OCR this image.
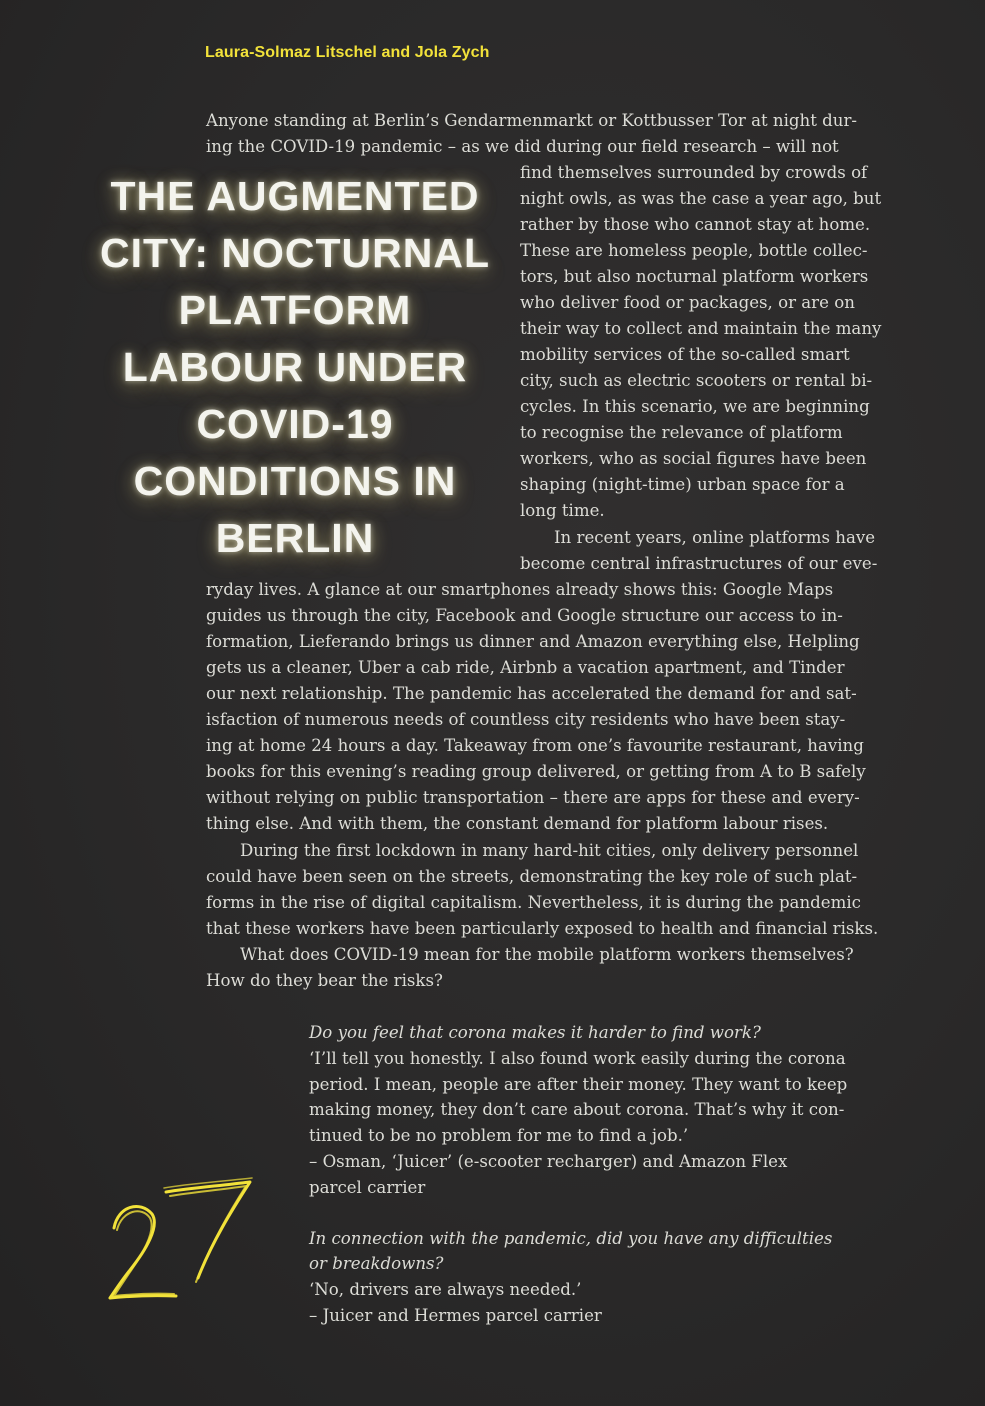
Laura-Solmaz Litschel and Jola Zych
THE AUGMENTED
CITY: NOCTURNAL
PLATFORM
LABOUR UNDER
COVID-19
CONDITIONS IN
BERLIN
Anyone standing at Berlin’s Gendarmenmarkt or Kottbusser Tor at night dur-
ing the COVID-19 pandemic – as we did during our field research – will not
find themselves surrounded by crowds of
night owls, as was the case a year ago, but
rather by those who cannot stay at home.
These are homeless people, bottle collec-
tors, but also nocturnal platform workers
who deliver food or packages, or are on
their way to collect and maintain the many
mobility services of the so-called smart
city, such as electric scooters or rental bi-
cycles. In this scenario, we are beginning
to recognise the relevance of platform
workers, who as social figures have been
shaping (night-time) urban space for a
long time.
In recent years, online platforms have
become central infrastructures of our eve-
ryday lives. A glance at our smartphones already shows this: Google Maps
guides us through the city, Facebook and Google structure our access to in-
formation, Lieferando brings us dinner and Amazon everything else, Helpling
gets us a cleaner, Uber a cab ride, Airbnb a vacation apartment, and Tinder
our next relationship. The pandemic has accelerated the demand for and sat-
isfaction of numerous needs of countless city residents who have been stay-
ing at home 24 hours a day. Takeaway from one’s favourite restaurant, having
books for this evening’s reading group delivered, or getting from A to B safely
without relying on public transportation – there are apps for these and every-
thing else. And with them, the constant demand for platform labour rises.
During the first lockdown in many hard-hit cities, only delivery personnel
could have been seen on the streets, demonstrating the key role of such plat-
forms in the rise of digital capitalism. Nevertheless, it is during the pandemic
that these workers have been particularly exposed to health and financial risks.
What does COVID-19 mean for the mobile platform workers themselves?
How do they bear the risks?
Do you feel that corona makes it harder to find work?
‘I’ll tell you honestly. I also found work easily during the corona
period. I mean, people are after their money. They want to keep
making money, they don’t care about corona. That’s why it con-
tinued to be no problem for me to find a job.’
– Osman, ‘Juicer’ (e-scooter recharger) and Amazon Flex
parcel carrier
In connection with the pandemic, did you have any difficulties
or breakdowns?
‘No, drivers are always needed.’
– Juicer and Hermes parcel carrier
